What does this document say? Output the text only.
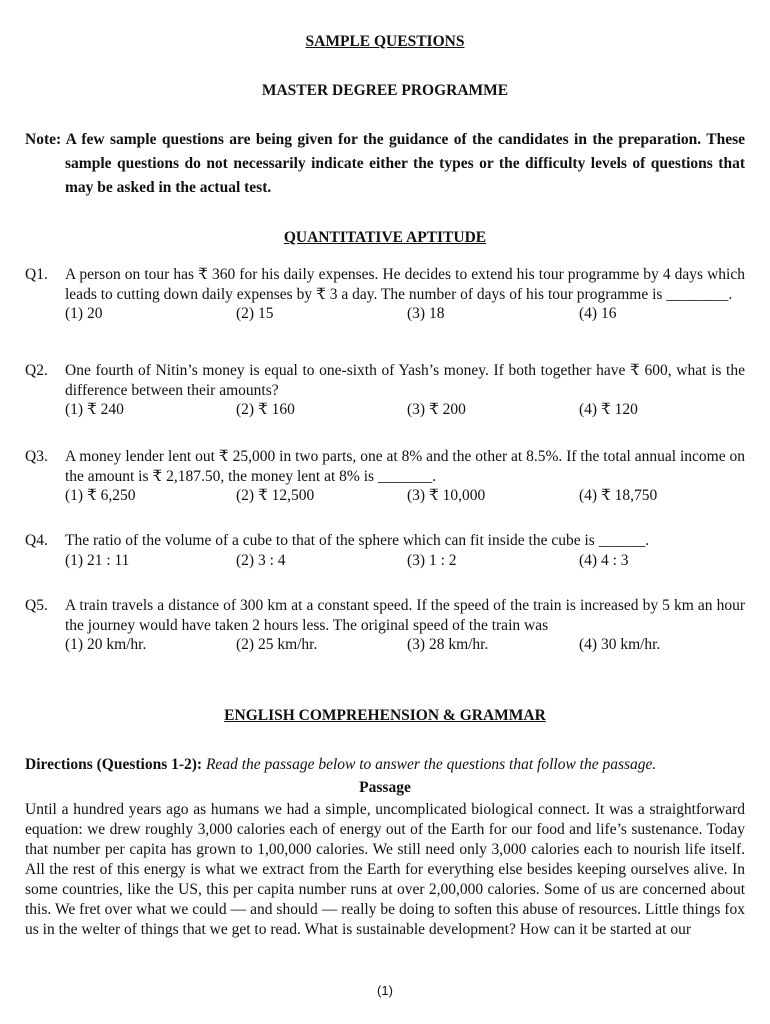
SAMPLE QUESTIONS
MASTER DEGREE PROGRAMME
Note: A few sample questions are being given for the guidance of the candidates in the preparation. These sample questions do not necessarily indicate either the types or the difficulty levels of questions that may be asked in the actual test.
QUANTITATIVE APTITUDE
Q1. A person on tour has ₹ 360 for his daily expenses. He decides to extend his tour programme by 4 days which leads to cutting down daily expenses by ₹ 3 a day. The number of days of his tour programme is ________.
(1) 20	(2) 15	(3) 18	(4) 16
Q2. One fourth of Nitin’s money is equal to one-sixth of Yash’s money. If both together have ₹ 600, what is the difference between their amounts?
(1) ₹ 240	(2) ₹ 160	(3) ₹ 200	(4) ₹ 120
Q3. A money lender lent out ₹ 25,000 in two parts, one at 8% and the other at 8.5%. If the total annual income on the amount is ₹ 2,187.50, the money lent at 8% is _______.
(1) ₹ 6,250	(2) ₹ 12,500	(3) ₹ 10,000	(4) ₹ 18,750
Q4. The ratio of the volume of a cube to that of the sphere which can fit inside the cube is ______.
(1) 21 : 11	(2) 3 : 4	(3) 1 : 2	(4) 4 : 3
Q5. A train travels a distance of 300 km at a constant speed. If the speed of the train is increased by 5 km an hour the journey would have taken 2 hours less. The original speed of the train was
(1) 20 km/hr.	(2) 25 km/hr.	(3) 28 km/hr.	(4) 30 km/hr.
ENGLISH COMPREHENSION & GRAMMAR
Directions (Questions 1-2): Read the passage below to answer the questions that follow the passage.
Passage
Until a hundred years ago as humans we had a simple, uncomplicated biological connect. It was a straightforward equation: we drew roughly 3,000 calories each of energy out of the Earth for our food and life’s sustenance. Today that number per capita has grown to 1,00,000 calories. We still need only 3,000 calories each to nourish life itself. All the rest of this energy is what we extract from the Earth for everything else besides keeping ourselves alive. In some countries, like the US, this per capita number runs at over 2,00,000 calories. Some of us are concerned about this. We fret over what we could — and should — really be doing to soften this abuse of resources. Little things fox us in the welter of things that we get to read. What is sustainable development? How can it be started at our
(1)
